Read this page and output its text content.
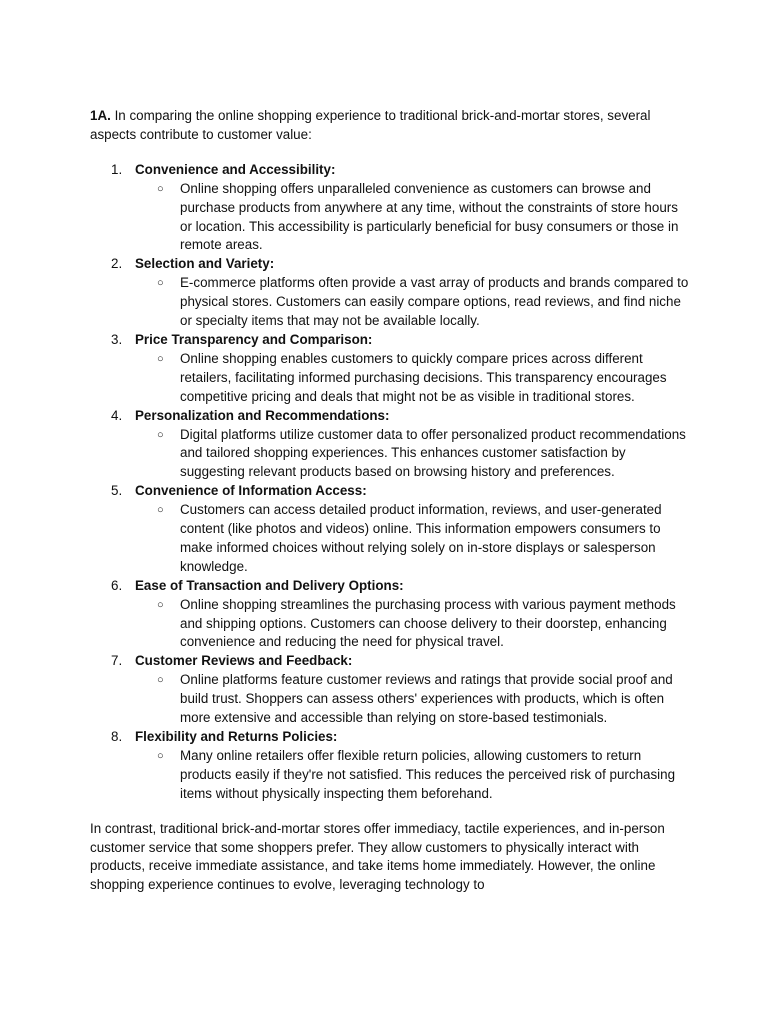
1A. In comparing the online shopping experience to traditional brick-and-mortar stores, several aspects contribute to customer value:

1. Convenience and Accessibility:
○ Online shopping offers unparalleled convenience as customers can browse and purchase products from anywhere at any time, without the constraints of store hours or location. This accessibility is particularly beneficial for busy consumers or those in remote areas.
2. Selection and Variety:
○ E-commerce platforms often provide a vast array of products and brands compared to physical stores. Customers can easily compare options, read reviews, and find niche or specialty items that may not be available locally.
3. Price Transparency and Comparison:
○ Online shopping enables customers to quickly compare prices across different retailers, facilitating informed purchasing decisions. This transparency encourages competitive pricing and deals that might not be as visible in traditional stores.
4. Personalization and Recommendations:
○ Digital platforms utilize customer data to offer personalized product recommendations and tailored shopping experiences. This enhances customer satisfaction by suggesting relevant products based on browsing history and preferences.
5. Convenience of Information Access:
○ Customers can access detailed product information, reviews, and user-generated content (like photos and videos) online. This information empowers consumers to make informed choices without relying solely on in-store displays or salesperson knowledge.
6. Ease of Transaction and Delivery Options:
○ Online shopping streamlines the purchasing process with various payment methods and shipping options. Customers can choose delivery to their doorstep, enhancing convenience and reducing the need for physical travel.
7. Customer Reviews and Feedback:
○ Online platforms feature customer reviews and ratings that provide social proof and build trust. Shoppers can assess others' experiences with products, which is often more extensive and accessible than relying on store-based testimonials.
8. Flexibility and Returns Policies:
○ Many online retailers offer flexible return policies, allowing customers to return products easily if they're not satisfied. This reduces the perceived risk of purchasing items without physically inspecting them beforehand.

In contrast, traditional brick-and-mortar stores offer immediacy, tactile experiences, and in-person customer service that some shoppers prefer. They allow customers to physically interact with products, receive immediate assistance, and take items home immediately. However, the online shopping experience continues to evolve, leveraging technology to
